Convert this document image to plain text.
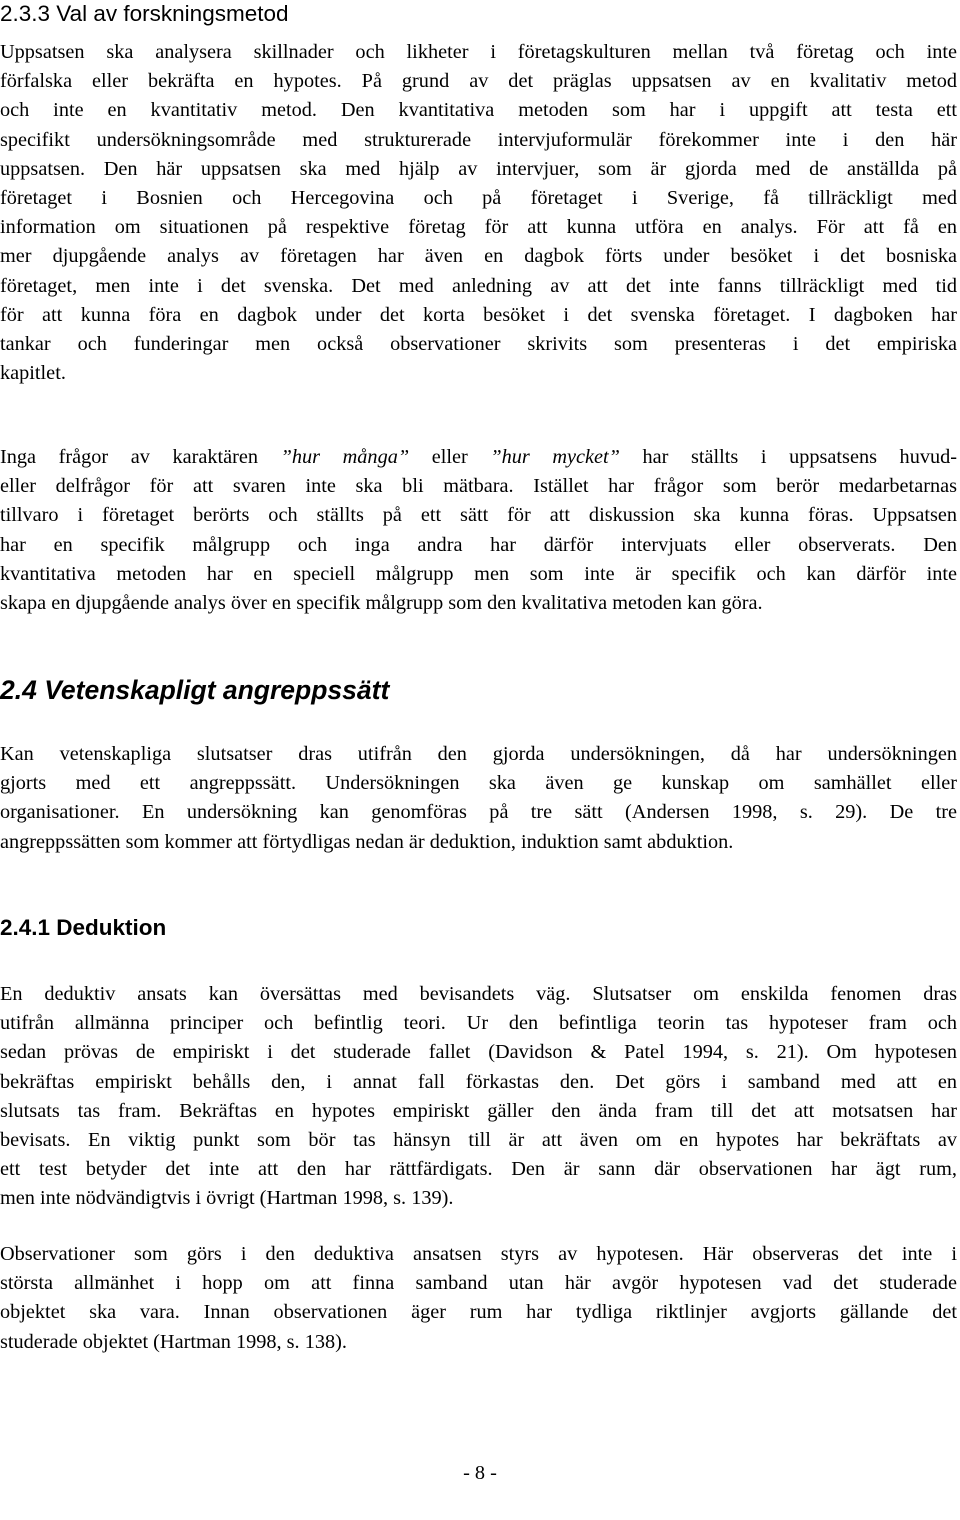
2.3.3 Val av forskningsmetod
Uppsatsen ska analysera skillnader och likheter i företagskulturen mellan två företag och inte
förfalska eller bekräfta en hypotes. På grund av det präglas uppsatsen av en kvalitativ metod
och inte en kvantitativ metod. Den kvantitativa metoden som har i uppgift att testa ett
specifikt undersökningsområde med strukturerade intervjuformulär förekommer inte i den här
uppsatsen. Den här uppsatsen ska med hjälp av intervjuer, som är gjorda med de anställda på
företaget i Bosnien och Hercegovina och på företaget i Sverige, få tillräckligt med
information om situationen på respektive företag för att kunna utföra en analys. För att få en
mer djupgående analys av företagen har även en dagbok förts under besöket i det bosniska
företaget, men inte i det svenska. Det med anledning av att det inte fanns tillräckligt med tid
för att kunna föra en dagbok under det korta besöket i det svenska företaget. I dagboken har
tankar och funderingar men också observationer skrivits som presenteras i det empiriska
kapitlet.
Inga frågor av karaktären ”hur många” eller ”hur mycket” har ställts i uppsatsens huvud-
eller delfrågor för att svaren inte ska bli mätbara. Istället har frågor som berör medarbetarnas
tillvaro i företaget berörts och ställts på ett sätt för att diskussion ska kunna föras. Uppsatsen
har en specifik målgrupp och inga andra har därför intervjuats eller observerats. Den
kvantitativa metoden har en speciell målgrupp men som inte är specifik och kan därför inte
skapa en djupgående analys över en specifik målgrupp som den kvalitativa metoden kan göra.
2.4 Vetenskapligt angreppssätt
Kan vetenskapliga slutsatser dras utifrån den gjorda undersökningen, då har undersökningen
gjorts med ett angreppssätt. Undersökningen ska även ge kunskap om samhället eller
organisationer. En undersökning kan genomföras på tre sätt (Andersen 1998, s. 29). De tre
angreppssätten som kommer att förtydligas nedan är deduktion, induktion samt abduktion.
2.4.1 Deduktion
En deduktiv ansats kan översättas med bevisandets väg. Slutsatser om enskilda fenomen dras
utifrån allmänna principer och befintlig teori. Ur den befintliga teorin tas hypoteser fram och
sedan prövas de empiriskt i det studerade fallet (Davidson & Patel 1994, s. 21). Om hypotesen
bekräftas empiriskt behålls den, i annat fall förkastas den. Det görs i samband med att en
slutsats tas fram. Bekräftas en hypotes empiriskt gäller den ända fram till det att motsatsen har
bevisats. En viktig punkt som bör tas hänsyn till är att även om en hypotes har bekräftats av
ett test betyder det inte att den har rättfärdigats. Den är sann där observationen har ägt rum,
men inte nödvändigtvis i övrigt (Hartman 1998, s. 139).
Observationer som görs i den deduktiva ansatsen styrs av hypotesen. Här observeras det inte i
största allmänhet i hopp om att finna samband utan här avgör hypotesen vad det studerade
objektet ska vara. Innan observationen äger rum har tydliga riktlinjer avgjorts gällande det
studerade objektet (Hartman 1998, s. 138).
- 8 -
